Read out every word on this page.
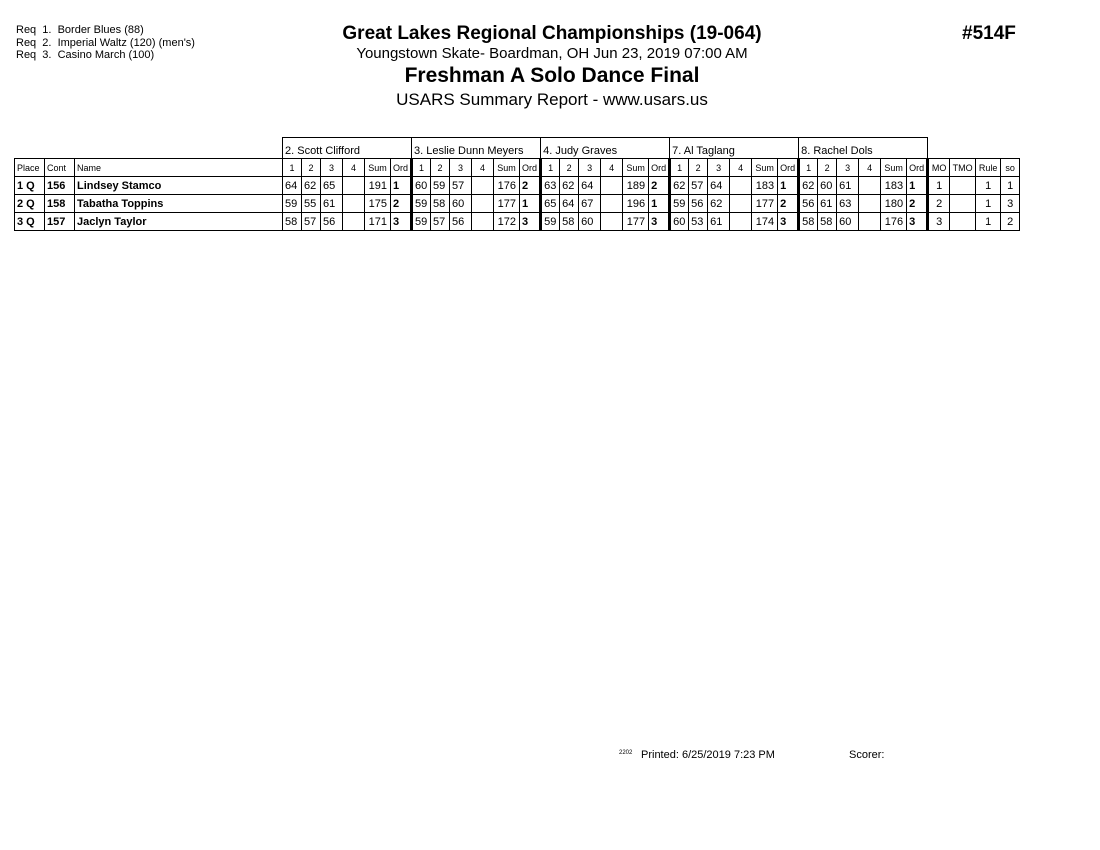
Req  1.  Border Blues (88)
Req  2.  Imperial Waltz (120) (men's)
Req  3.  Casino March (100)
Great Lakes Regional Championships (19-064)
Youngstown Skate- Boardman, OH Jun 23, 2019 07:00 AM
Freshman A Solo Dance Final
USARS Summary Report - www.usars.us
#514F
			2. Scott Clifford						3. Leslie Dunn Meyers						4. Judy Graves						7. Al Taglang						8. Rachel Dols									
Place	Cont	Name	1	2	3	4	Sum	Ord	1	2	3	4	Sum	Ord	1	2	3	4	Sum	Ord	1	2	3	4	Sum	Ord	1	2	3	4	Sum	Ord	MO	TMO	Rule	so
1 Q	156	Lindsey Stamco	64	62	65		191	1	60	59	57		176	2	63	62	64		189	2	62	57	64		183	1	62	60	61		183	1	1		1	1
2 Q	158	Tabatha Toppins	59	55	61		175	2	59	58	60		177	1	65	64	67		196	1	59	56	62		177	2	56	61	63		180	2	2		1	3
3 Q	157	Jaclyn Taylor	58	57	56		171	3	59	57	56		172	3	59	58	60		177	3	60	53	61		174	3	58	58	60		176	3	3		1	2
2202 Printed: 6/25/2019 7:23 PM	Scorer:
